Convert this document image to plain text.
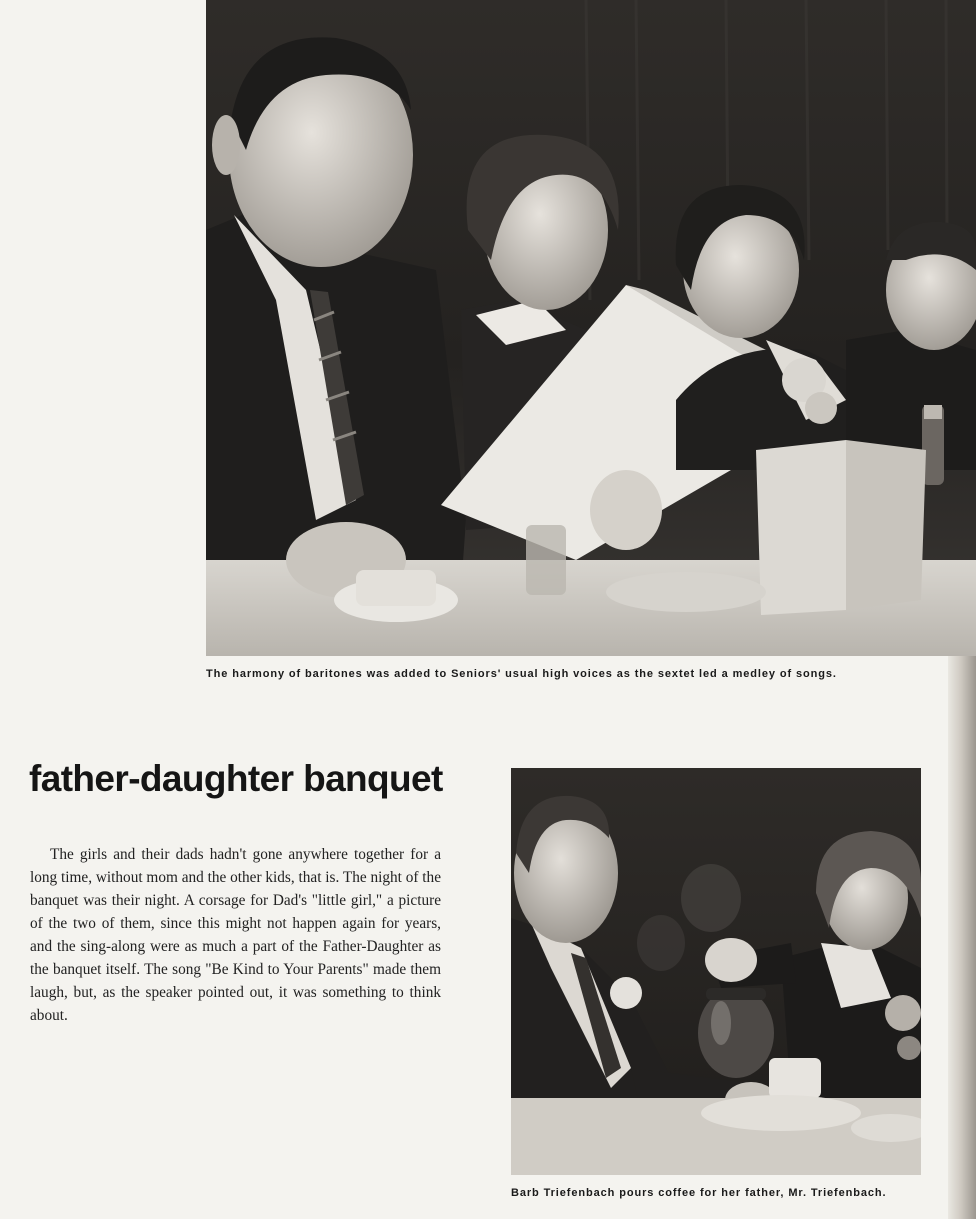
The harmony of baritones was added to Seniors' usual high voices as the sextet led a medley of songs.
father-daughter banquet

The girls and their dads hadn't gone anywhere together for a long time, without mom and the other kids, that is. The night of the banquet was their night. A corsage for Dad's "little girl," a picture of the two of them, since this might not happen again for years, and the sing-along were as much a part of the Father-Daughter as the banquet itself. The song "Be Kind to Your Parents" made them laugh, but, as the speaker pointed out, it was something to think about.

Barb Triefenbach pours coffee for her father, Mr. Triefenbach.
